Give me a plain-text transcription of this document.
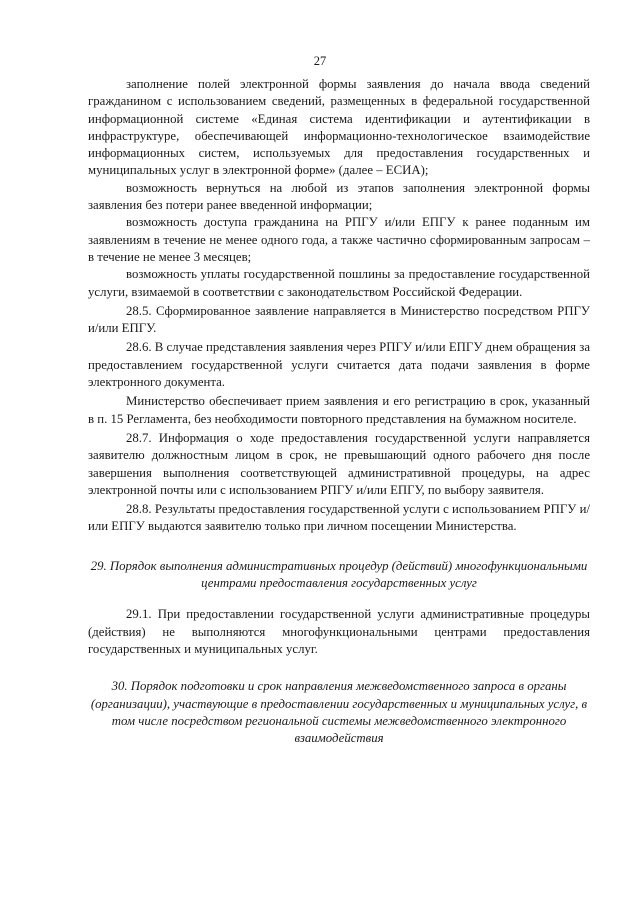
27

заполнение полей электронной формы заявления до начала ввода сведений гражданином с использованием сведений, размещенных в федеральной государственной информационной системе «Единая система идентификации и аутентификации в инфраструктуре, обеспечивающей информационно-технологическое взаимодействие информационных систем, используемых для предоставления государственных и муниципальных услуг в электронной форме» (далее – ЕСИА);

возможность вернуться на любой из этапов заполнения электронной формы заявления без потери ранее введенной информации;

возможность доступа гражданина на РПГУ и/или ЕПГУ к ранее поданным им заявлениям в течение не менее одного года, а также частично сформированным запросам – в течение не менее 3 месяцев;

возможность уплаты государственной пошлины за предоставление государственной услуги, взимаемой в соответствии с законодательством Российской Федерации.

28.5. Сформированное заявление направляется в Министерство посредством РПГУ и/или ЕПГУ.

28.6. В случае представления заявления через РПГУ и/или ЕПГУ днем обращения за предоставлением государственной услуги считается дата подачи заявления в форме электронного документа.

Министерство обеспечивает прием заявления и его регистрацию в срок, указанный в п. 15 Регламента, без необходимости повторного представления на бумажном носителе.

28.7. Информация о ходе предоставления государственной услуги направляется заявителю должностным лицом в срок, не превышающий одного рабочего дня после завершения выполнения соответствующей административной процедуры, на адрес электронной почты или с использованием РПГУ и/или ЕПГУ, по выбору заявителя.

28.8. Результаты предоставления государственной услуги с использованием РПГУ и/или ЕПГУ выдаются заявителю только при личном посещении Министерства.

29. Порядок выполнения административных процедур (действий) многофункциональными центрами предоставления государственных услуг

29.1. При предоставлении государственной услуги административные процедуры (действия) не выполняются многофункциональными центрами предоставления государственных и муниципальных услуг.

30. Порядок подготовки и срок направления межведомственного запроса в органы (организации), участвующие в предоставлении государственных и муниципальных услуг, в том числе посредством региональной системы межведомственного электронного взаимодействия
